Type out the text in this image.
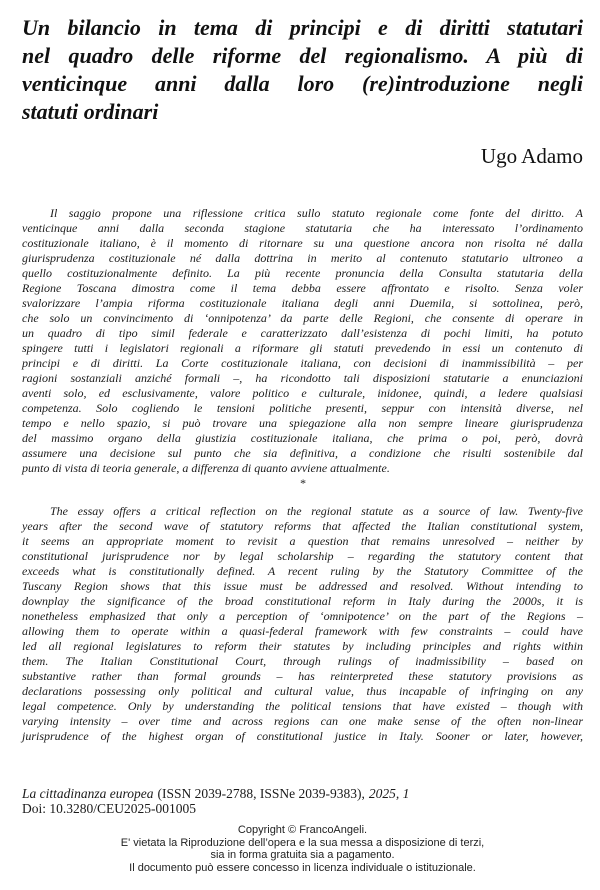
Un bilancio in tema di principi e di diritti statutari
nel quadro delle riforme del regionalismo. A più di
venticinque anni dalla loro (re)introduzione negli
statuti ordinari
Ugo Adamo
Il saggio propone una riflessione critica sullo statuto regionale come fonte del diritto. A
venticinque anni dalla seconda stagione statutaria che ha interessato l’ordinamento
costituzionale italiano, è il momento di ritornare su una questione ancora non risolta né dalla
giurisprudenza costituzionale né dalla dottrina in merito al contenuto statutario ultroneo a
quello costituzionalmente definito. La più recente pronuncia della Consulta statutaria della
Regione Toscana dimostra come il tema debba essere affrontato e risolto. Senza voler
svalorizzare l’ampia riforma costituzionale italiana degli anni Duemila, si sottolinea, però,
che solo un convincimento di ‘onnipotenza’ da parte delle Regioni, che consente di operare in
un quadro di tipo simil federale e caratterizzato dall’esistenza di pochi limiti, ha potuto
spingere tutti i legislatori regionali a riformare gli statuti prevedendo in essi un contenuto di
principi e di diritti. La Corte costituzionale italiana, con decisioni di inammissibilità – per
ragioni sostanziali anziché formali –, ha ricondotto tali disposizioni statutarie a enunciazioni
aventi solo, ed esclusivamente, valore politico e culturale, inidonee, quindi, a ledere qualsiasi
competenza. Solo cogliendo le tensioni politiche presenti, seppur con intensità diverse, nel
tempo e nello spazio, si può trovare una spiegazione alla non sempre lineare giurisprudenza
del massimo organo della giustizia costituzionale italiana, che prima o poi, però, dovrà
assumere una decisione sul punto che sia definitiva, a condizione che risulti sostenibile dal
punto di vista di teoria generale, a differenza di quanto avviene attualmente.
*
The essay offers a critical reflection on the regional statute as a source of law. Twenty-five
years after the second wave of statutory reforms that affected the Italian constitutional system,
it seems an appropriate moment to revisit a question that remains unresolved – neither by
constitutional jurisprudence nor by legal scholarship – regarding the statutory content that
exceeds what is constitutionally defined. A recent ruling by the Statutory Committee of the
Tuscany Region shows that this issue must be addressed and resolved. Without intending to
downplay the significance of the broad constitutional reform in Italy during the 2000s, it is
nonetheless emphasized that only a perception of ‘omnipotence’ on the part of the Regions –
allowing them to operate within a quasi-federal framework with few constraints – could have
led all regional legislatures to reform their statutes by including principles and rights within
them. The Italian Constitutional Court, through rulings of inadmissibility – based on
substantive rather than formal grounds – has reinterpreted these statutory provisions as
declarations possessing only political and cultural value, thus incapable of infringing on any
legal competence. Only by understanding the political tensions that have existed – though with
varying intensity – over time and across regions can one make sense of the often non-linear
jurisprudence of the highest organ of constitutional justice in Italy. Sooner or later, however,
La cittadinanza europea (ISSN 2039-2788, ISSNe 2039-9383), 2025, 1
Doi: 10.3280/CEU2025-001005
Copyright © FrancoAngeli.
E' vietata la Riproduzione dell’opera e la sua messa a disposizione di terzi,
sia in forma gratuita sia a pagamento.
Il documento può essere concesso in licenza individuale o istituzionale.
